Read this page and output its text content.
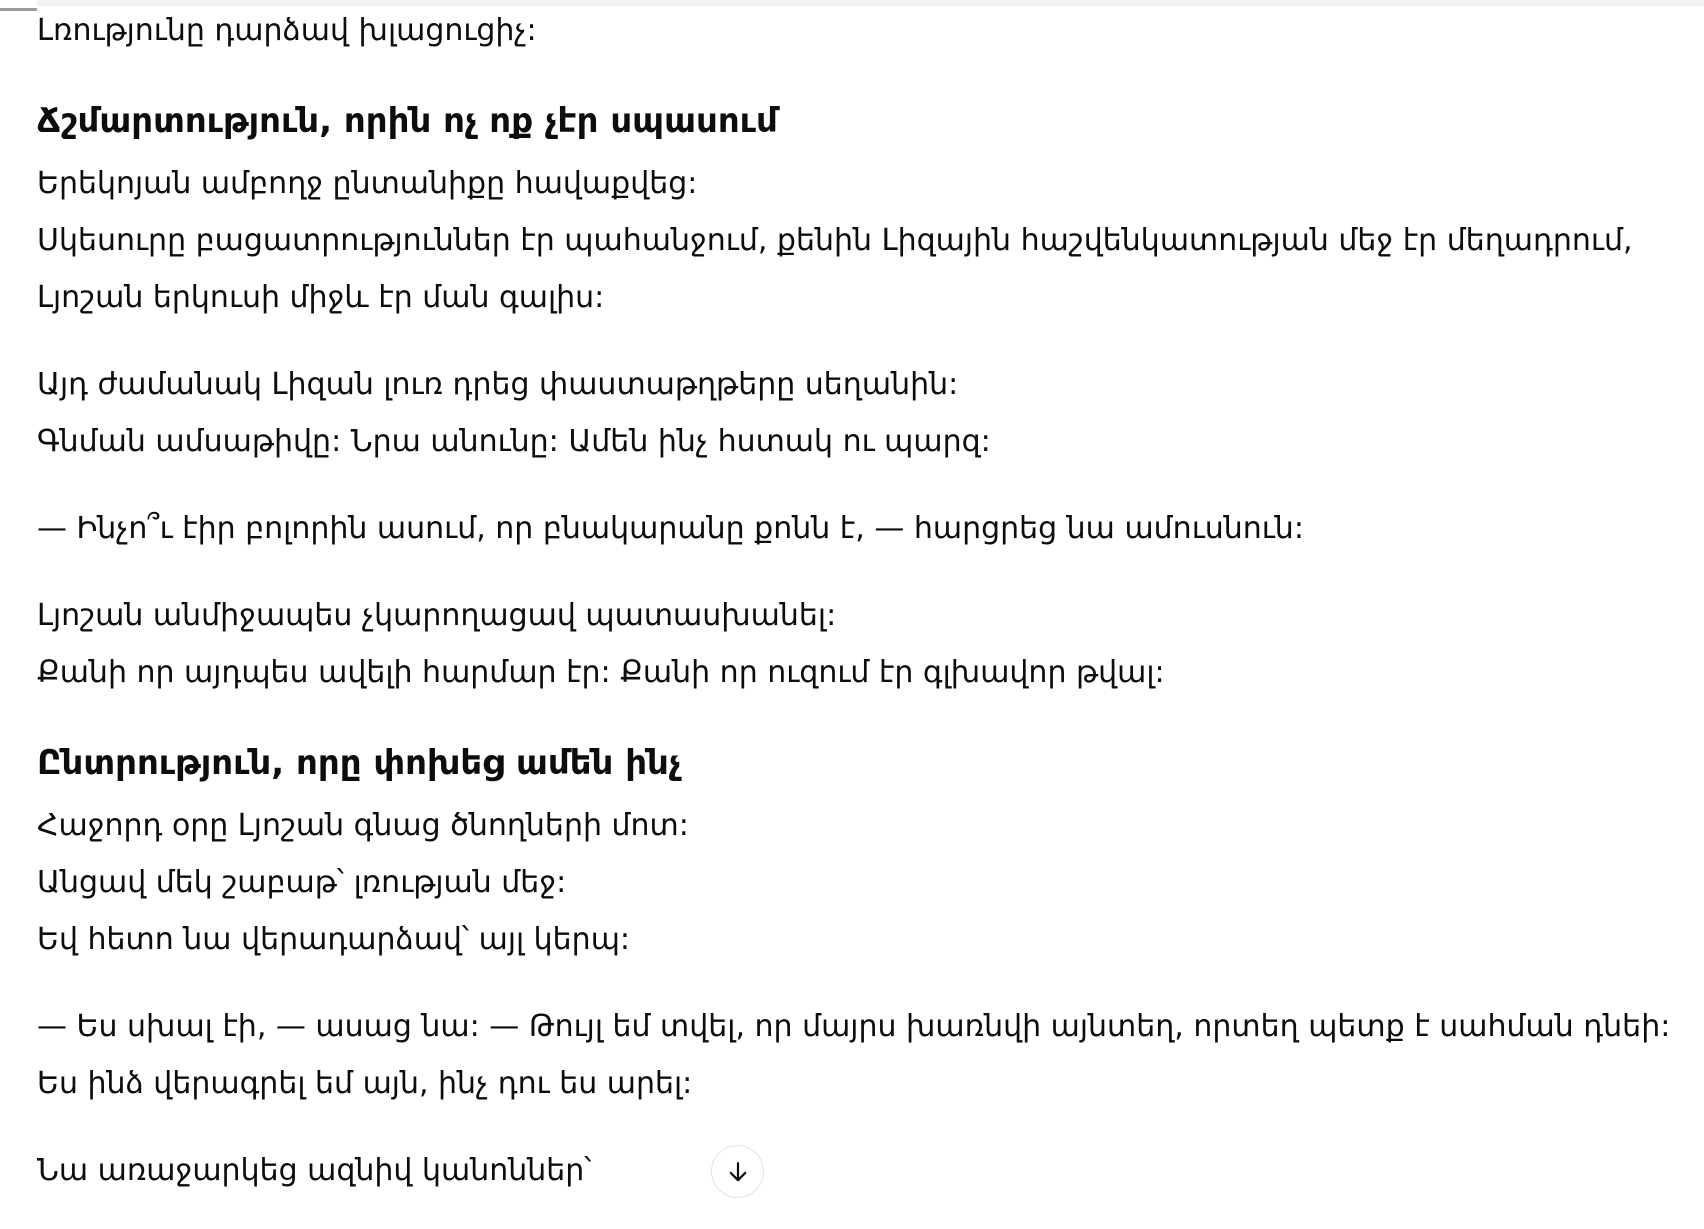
Լռությունը դարձավ խլացուցիչ:

Ճշմարտություն, որին ոչ ոք չէր սպասում

Երեկոյան ամբողջ ընտանիքը հավաքվեց:
Սկեսուրը բացատրություններ էր պահանջում, քենին Լիզային հաշվենկատության մեջ էր մեղադրում,
Լյոշան երկուսի միջև էր ման գալիս:

Այդ ժամանակ Լիզան լուռ դրեց փաստաթղթերը սեղանին:
Գնման ամսաթիվը: Նրա անունը: Ամեն ինչ հստակ ու պարզ:

— Ինչո՞ւ էիր բոլորին ասում, որ բնակարանը քոնն է, — հարցրեց նա ամուսնուն:

Լյոշան անմիջապես չկարողացավ պատասխանել:
Քանի որ այդպես ավելի հարմար էր: Քանի որ ուզում էր գլխավոր թվալ:

Ընտրություն, որը փոխեց ամեն ինչ

Հաջորդ օրը Լյոշան գնաց ծնողների մոտ:
Անցավ մեկ շաբաթ՝ լռության մեջ:
Եվ հետո նա վերադարձավ՝ այլ կերպ:

— Ես սխալ էի, — ասաց նա: — Թույլ եմ տվել, որ մայրս խառնվի այնտեղ, որտեղ պետք է սահման դնեի:
Ես ինձ վերագրել եմ այն, ինչ դու ես արել:

Նա առաջարկեց ազնիվ կանոններ՝
